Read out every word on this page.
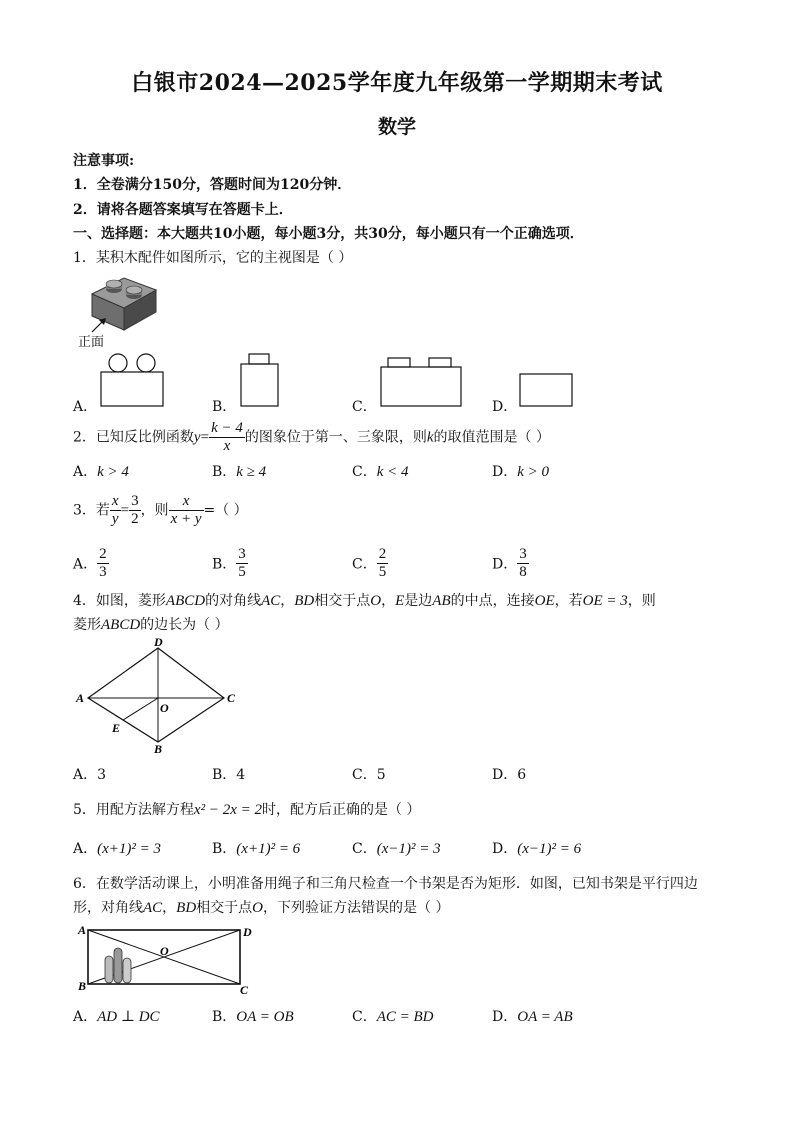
白银市2024—2025学年度九年级第一学期期末考试
数学
注意事项:
1．全卷满分150分，答题时间为120分钟．
2．请将各题答案填写在答题卡上．
一、选择题：本大题共10小题，每小题3分，共30分，每小题只有一个正确选项．
1．某积木配件如图所示，它的主视图是（ ）
正面
A．	B．	C．	D．
2．已知反比例函数$y= \frac{k - 4}{x}$ 的图象位于第一、三象限，则k的取值范围是（ ）
A．k > 4	B．k ≥ 4	C．k < 4	D．k > 0
3．若 $\frac{x}{y} = \frac{3}{2}$ ，则 $\frac{x}{x + y}$ =（ ）
A． $\frac{2}{3}$	B． $\frac{3}{5}$	C． $\frac{2}{5}$	D． $\frac{3}{8}$
4．如图，菱形ABCD的对角线AC，BD相交于点O，E是边AB的中点，连接OE，若OE = 3，则
菱形ABCD的边长为（ ）
D
A	C
O
E
B
A．3	B．4	C．5	D．6
5．用配方法解方程x² − 2x = 2时，配方后正确的是（ ）
A．(x+1)² = 3	B．(x+1)² = 6	C．(x−1)² = 3	D．(x−1)² = 6
6．在数学活动课上，小明准备用绳子和三角尺检查一个书架是否为矩形．如图，已知书架是平行四边
形，对角线AC，BD相交于点O，下列验证方法错误的是（ ）
A	D
O
B	C
A．AD ⊥ DC	B．OA = OB	C．AC = BD	D．OA = AB
